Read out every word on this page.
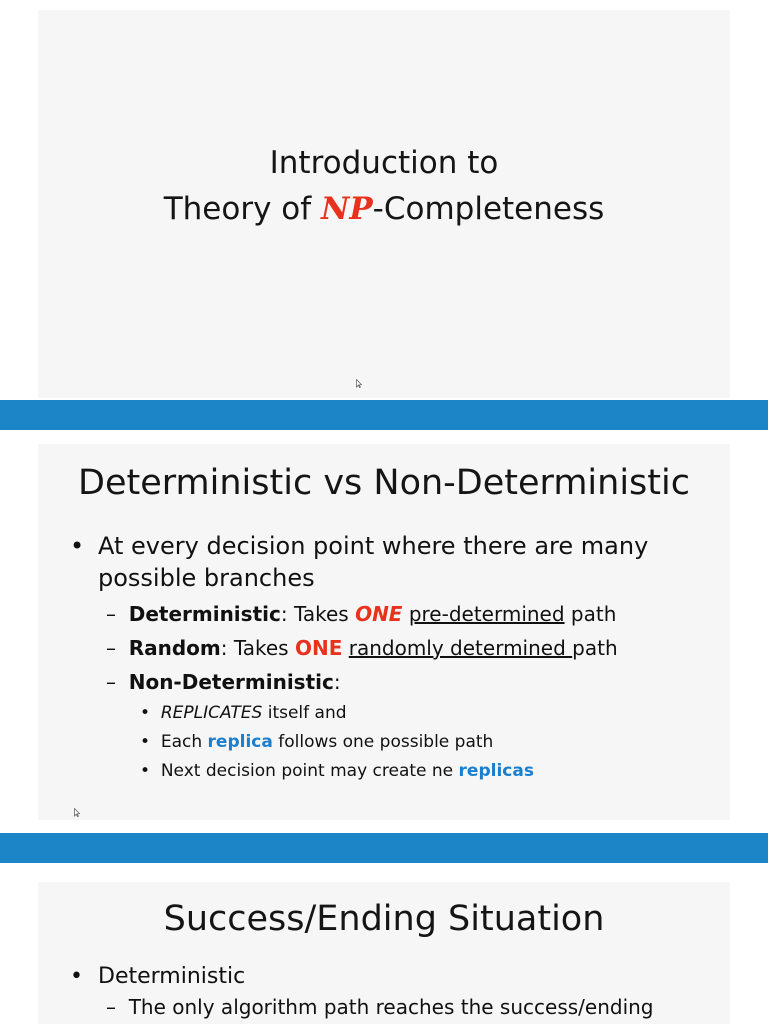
Introduction to
Theory of NP-Completeness
Deterministic vs Non-Deterministic
• At every decision point where there are many possible branches
–  Deterministic: Takes ONE pre-determined path
–  Random: Takes ONE randomly determined path
–  Non-Deterministic:
•  REPLICATES itself and
•  Each replica follows one possible path
•  Next decision point may create ne replicas
Success/Ending Situation
• Deterministic
–  The only algorithm path reaches the success/ending
